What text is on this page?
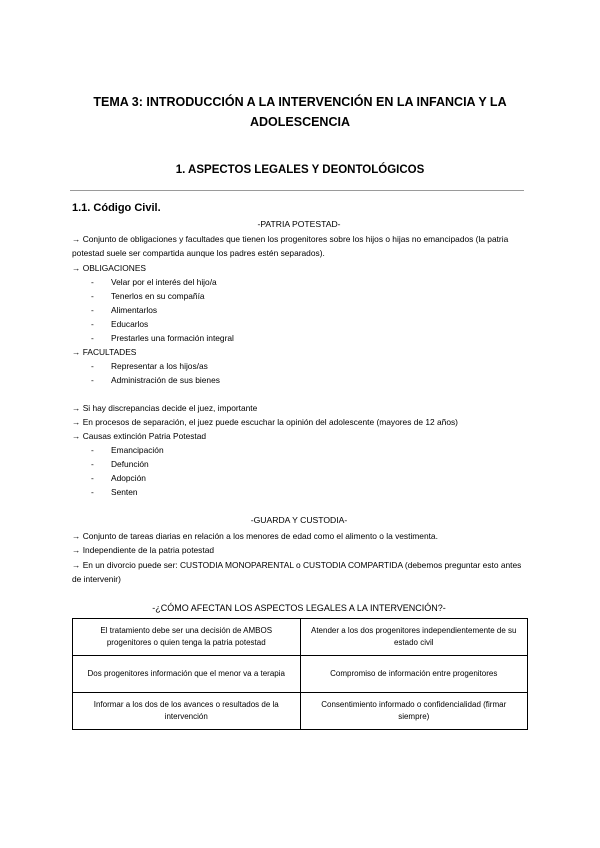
TEMA 3: INTRODUCCIÓN A LA INTERVENCIÓN EN LA INFANCIA Y LA
ADOLESCENCIA
1. ASPECTOS LEGALES Y DEONTOLÓGICOS
1.1. Código Civil.
-PATRIA POTESTAD-
→ Conjunto de obligaciones y facultades que tienen los progenitores sobre los hijos o hijas no emancipados (la patria potestad suele ser compartida aunque los padres estén separados).
→ OBLIGACIONES
- Velar por el interés del hijo/a
- Tenerlos en su compañía
- Alimentarlos
- Educarlos
- Prestarles una formación integral
→ FACULTADES
- Representar a los hijos/as
- Administración de sus bienes
→ Si hay discrepancias decide el juez, importante
→ En procesos de separación, el juez puede escuchar la opinión del adolescente (mayores de 12 años)
→ Causas extinción Patria Potestad
- Emancipación
- Defunción
- Adopción
- Senten
-GUARDA Y CUSTODIA-
→ Conjunto de tareas diarias en relación a los menores de edad como el alimento o la vestimenta.
→ Independiente de la patria potestad
→ En un divorcio puede ser: CUSTODIA MONOPARENTAL o CUSTODIA COMPARTIDA (debemos preguntar esto antes de intervenir)
-¿CÓMO AFECTAN LOS ASPECTOS LEGALES A LA INTERVENCIÓN?-
El tratamiento debe ser una decisión de AMBOS progenitores o quien tenga la patria potestad	Atender a los dos progenitores independientemente de su estado civil
Dos progenitores información que el menor va a terapia	Compromiso de información entre progenitores
Informar a los dos de los avances o resultados de la intervención	Consentimiento informado o confidencialidad (firmar siempre)
